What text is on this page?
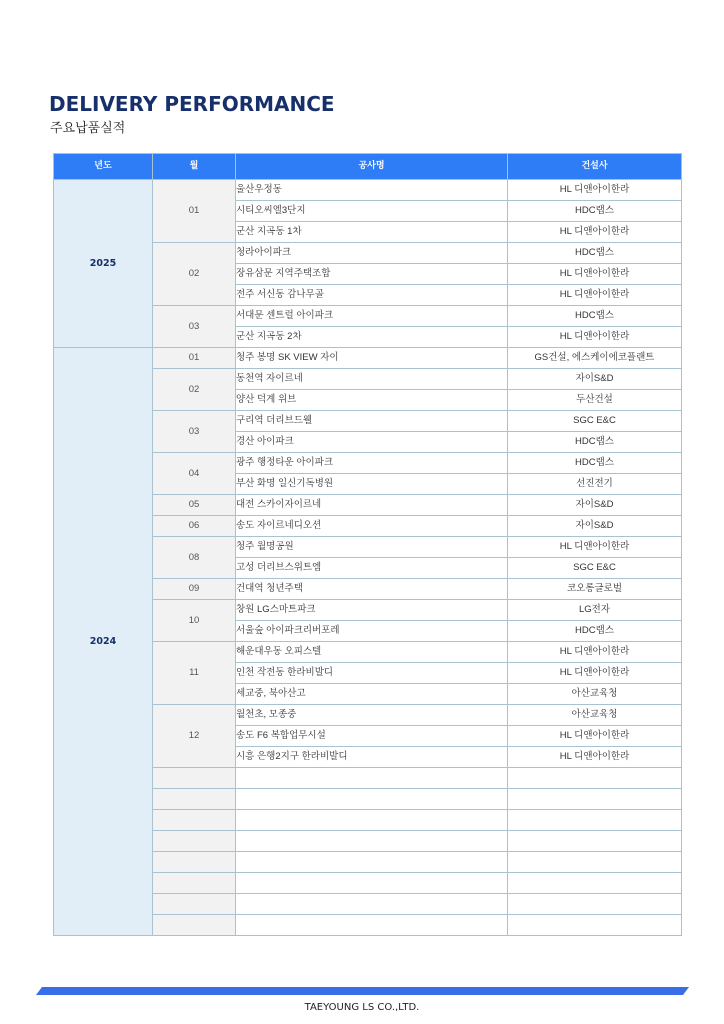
DELIVERY PERFORMANCE
주요납품실적
년도	월	공사명	건설사
2025	01	울산우정동	HL 디앤아이한라
		시티오씨엘3단지	HDC랩스
		군산 지곡동 1차	HL 디앤아이한라
	02	청라아이파크	HDC랩스
		장유삼문 지역주택조합	HL 디앤아이한라
		전주 서신동 감나무골	HL 디앤아이한라
	03	서대문 센트럴 아이파크	HDC랩스
		군산 지곡동 2차	HL 디앤아이한라
2024	01	청주 봉명 SK VIEW 자이	GS건설, 에스케이에코플랜트
	02	동천역 자이르네	자이S&D
		양산 덕계 위브	두산건설
	03	구리역 더리브드웰	SGC E&C
		경산 아이파크	HDC랩스
	04	광주 행정타운 아이파크	HDC랩스
		부산 화명 일신기독병원	선진전기
	05	대전 스카이자이르네	자이S&D
	06	송도 자이르네디오션	자이S&D
	08	청주 월명공원	HL 디앤아이한라
		고성 더리브스위트엠	SGC E&C
	09	건대역 청년주택	코오롱글로벌
	10	창원 LG스마트파크	LG전자
		서울숲 아이파크리버포레	HDC랩스
	11	해운대우동 오피스텔	HL 디앤아이한라
		인천 작전동 한라비발디	HL 디앤아이한라
		세교중, 북아산고	아산교육청
	12	월천초, 모종중	아산교육청
		송도 F6 복합업무시설	HL 디앤아이한라
		시흥 은행2지구 한라비발디	HL 디앤아이한라

TAEYOUNG LS CO.,LTD.
